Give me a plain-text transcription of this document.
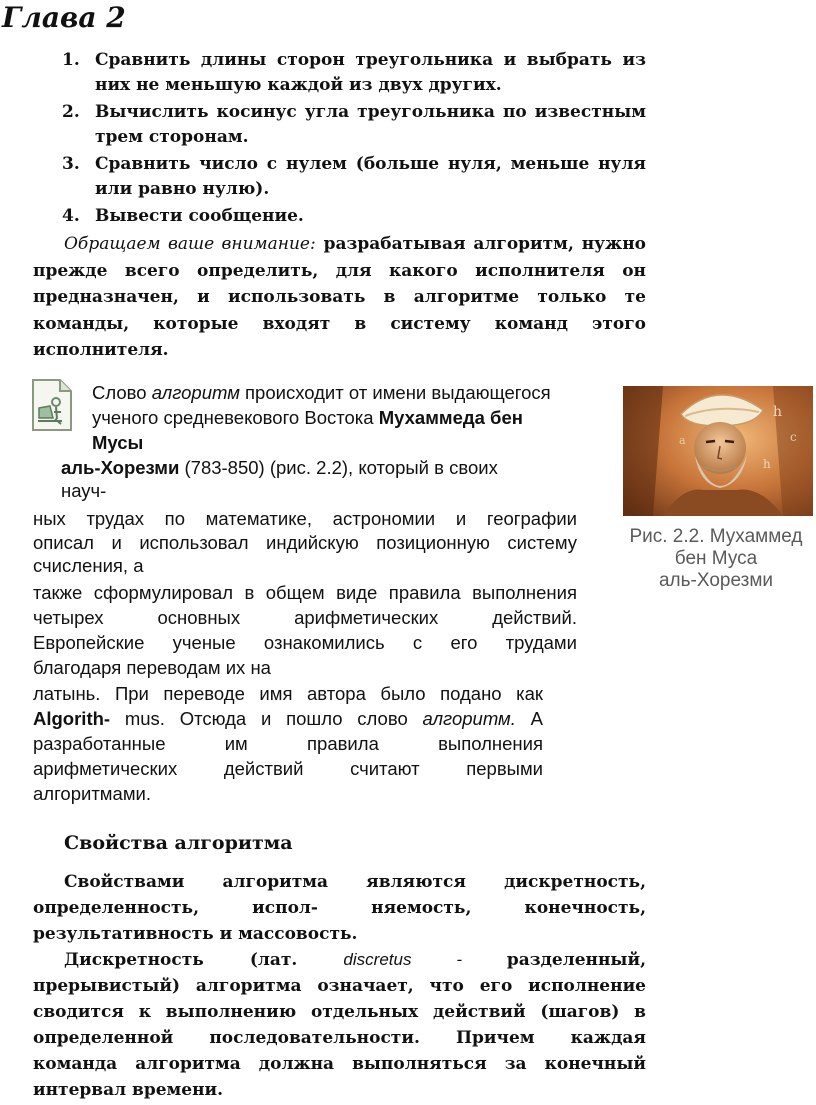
Глава 2
1. Сравнить длины сторон треугольника и выбрать из них не меньшую каждой из двух других.
2. Вычислить косинус угла треугольника по известным трем сторонам.
3. Сравнить число с нулем (больше нуля, меньше нуля или равно нулю).
4. Вывести сообщение.

Обращаем ваше внимание: разрабатывая алгоритм, нужно прежде всего определить, для какого исполнителя он предназначен, и использовать в алгоритме только те команды, которые входят в систему команд этого исполнителя.

Слово алгоритм происходит от имени выдающегося
ученого средневекового Востока Мухаммеда бен
Мусы
аль-Хорезми (783-850) (рис. 2.2), который в своих
науч-
ных трудах по математике, астрономии и географии
описал и использовал индийскую позиционную систему
счисления, а
также сформулировал в общем виде правила выполнения
четырех основных арифметических действий.
Европейские ученые ознакомились с его трудами
благодаря переводам их на
латынь. При переводе имя автора было подано как
Algorith- mus. Отсюда и пошло слово алгоритм. А
разработанные им правила выполнения
арифметических действий считают первыми
алгоритмами.
h
c
h
a

Рис. 2.2. Мухаммед
бен Муса
аль-Хорезми

Свойства алгоритма
Свойствами алгоритма являются дискретность,
определенность, испол- няемость, конечность,
результативность и массовость.
Дискретность (лат. discretus - разделенный,
прерывистый) алгоритма означает, что его исполнение
сводится к выполнению отдельных действий (шагов) в
определенной последовательности. Причем каждая
команда алгоритма должна выполняться за конечный
интервал времени.
